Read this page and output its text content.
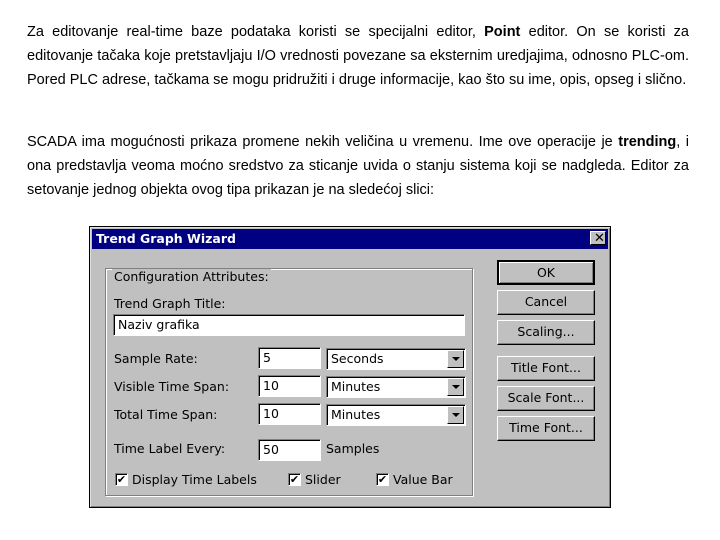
Za editovanje real-time baze podataka koristi se specijalni editor, Point editor. On se koristi za editovanje tačaka koje pretstavljaju I/O vrednosti povezane sa eksternim uredjajima, odnosno PLC-om. Pored PLC adrese, tačkama se mogu pridružiti i druge informacije, kao što su ime, opis, opseg i slično.
SCADA ima mogućnosti prikaza promene nekih veličina u vremenu. Ime ove operacije je trending, i ona predstavlja veoma moćno sredstvo za sticanje uvida o stanju sistema koji se nadgleda. Editor za setovanje jednog objekta ovog tipa prikazan je na sledećoj slici:
Trend Graph Wizard	✕
Configuration Attributes:
Trend Graph Title:
Naziv grafika
Sample Rate:	5	Seconds
Visible Time Span:	10	Minutes
Total Time Span:	10	Minutes
Time Label Every:	50	Samples
✔ Display Time Labels	✔ Slider	✔ Value Bar
OK
Cancel
Scaling...
Title Font...
Scale Font...
Time Font...
